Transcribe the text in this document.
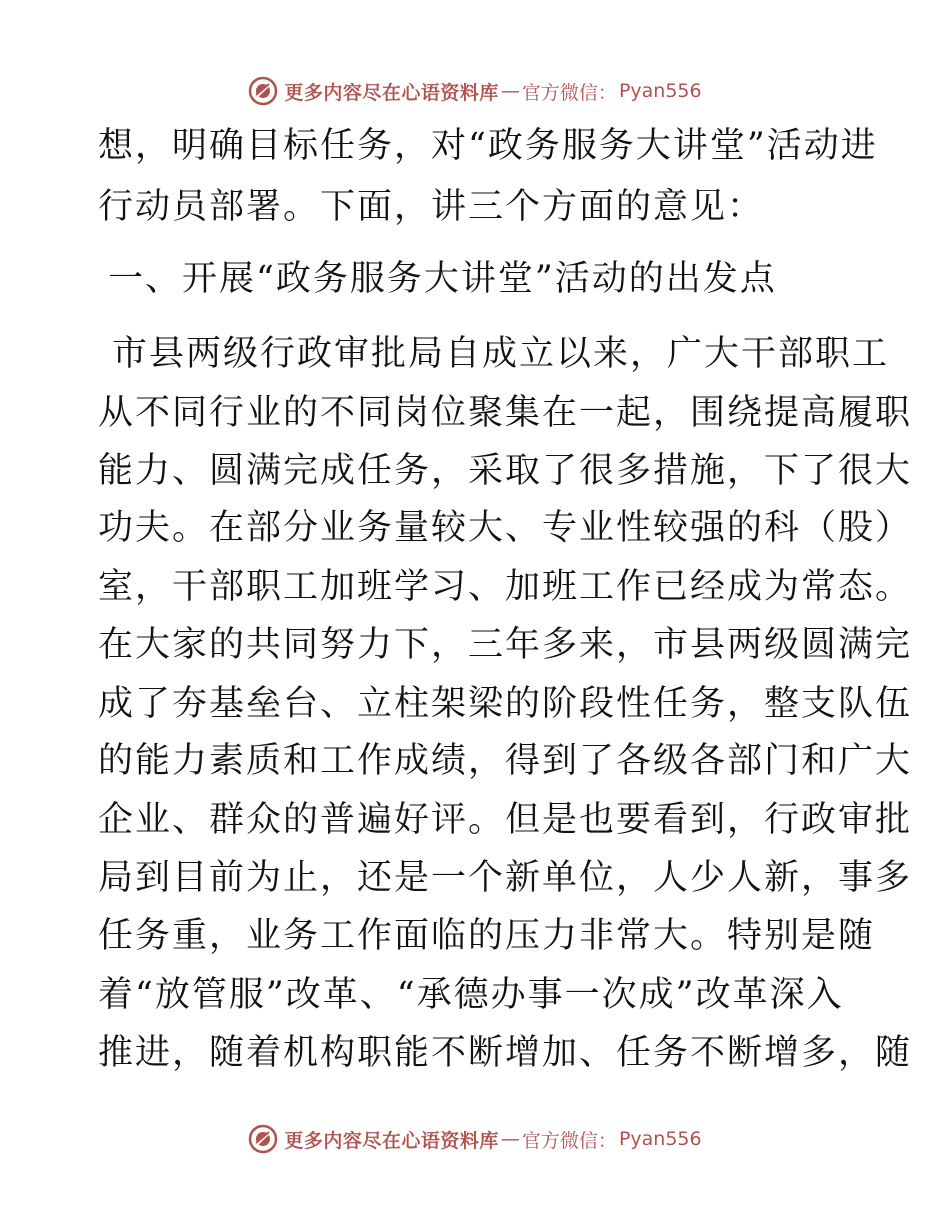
更多内容尽在心语资料库 — 官方微信： Pyan556
想，明确目标任务，对“政务服务大讲堂”活动进
行动员部署。下面，讲三个方面的意见：
一、开展“政务服务大讲堂”活动的出发点
市县两级行政审批局自成立以来，广大干部职工
从不同行业的不同岗位聚集在一起，围绕提高履职
能力、圆满完成任务，采取了很多措施，下了很大
功夫。在部分业务量较大、专业性较强的科（股）
室，干部职工加班学习、加班工作已经成为常态。
在大家的共同努力下，三年多来，市县两级圆满完
成了夯基垒台、立柱架梁的阶段性任务，整支队伍
的能力素质和工作成绩，得到了各级各部门和广大
企业、群众的普遍好评。但是也要看到，行政审批
局到目前为止，还是一个新单位，人少人新，事多
任务重，业务工作面临的压力非常大。特别是随
着“放管服”改革、“承德办事一次成”改革深入
推进，随着机构职能不断增加、任务不断增多，随
更多内容尽在心语资料库 — 官方微信： Pyan556
